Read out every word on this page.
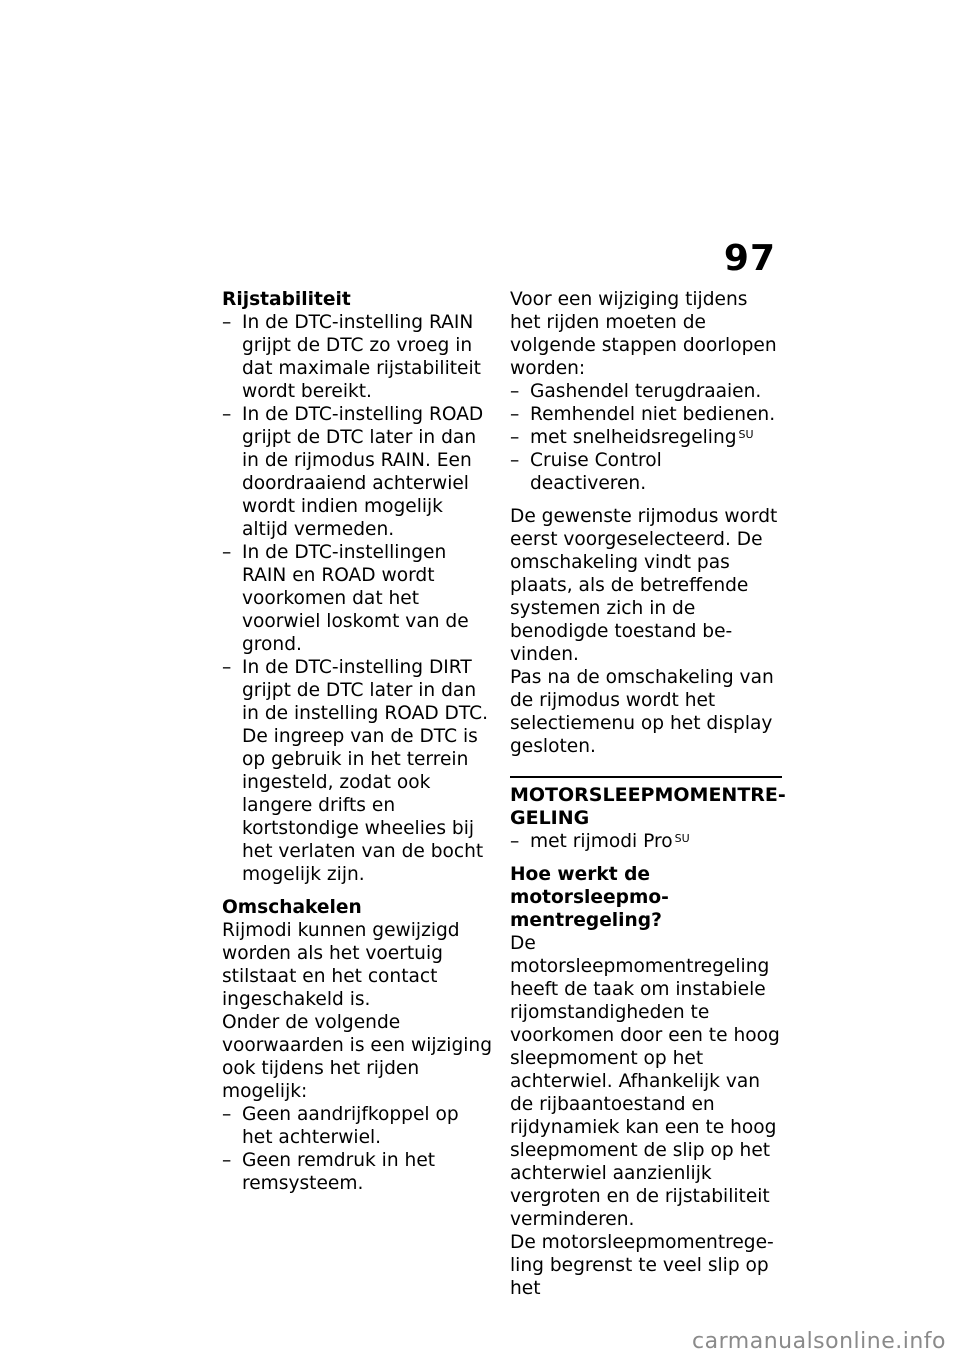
97

Rijstabiliteit

– In de DTC-instelling RAIN grijpt de DTC zo vroeg in dat maximale rijstabiliteit wordt bereikt.
– In de DTC-instelling ROAD grijpt de DTC later in dan in de rijmodus RAIN. Een doordraaiend achterwiel wordt indien mogelijk altijd vermeden.
– In de DTC-instellingen RAIN en ROAD wordt voorkomen dat het voorwiel loskomt van de grond.
– In de DTC-instelling DIRT grijpt de DTC later in dan in de instelling ROAD DTC. De ingreep van de DTC is op gebruik in het terrein ingesteld, zodat ook langere drifts en kortstondige wheelies bij het verlaten van de bocht mogelijk zijn.

Omschakelen

Rijmodi kunnen gewijzigd worden als het voertuig stilstaat en het contact ingeschakeld is.

Onder de volgende voorwaarden is een wijziging ook tijdens het rijden mogelijk:

– Geen aandrijfkoppel op het achterwiel.
– Geen remdruk in het remsysteem.

Voor een wijziging tijdens het rijden moeten de volgende stappen doorlopen worden:

– Gashendel terugdraaien.
– Remhendel niet bedienen.
– met snelheidsregeling $^{SU}$
– Cruise Control deactiveren.

De gewenste rijmodus wordt eerst voorgeselecteerd. De omschakeling vindt pas plaats, als de betreffende systemen zich in de benodigde toestand bevinden.

Pas na de omschakeling van de rijmodus wordt het selectiemenu op het display gesloten.

MOTORSLEEPMOMENTREGELING

– met rijmodi Pro $^{SU}$

Hoe werkt de motorsleepmomentregeling?

De motorsleepmomentregeling heeft de taak om instabiele rijomstandigheden te voorkomen door een te hoog sleepmoment op het achterwiel. Afhankelijk van de rijbaantoestand en rijdynamiek kan een te hoog sleepmoment de slip op het achterwiel aanzienlijk vergroten en de rijstabiliteit verminderen.

De motorsleepmomentregeling begrenst te veel slip op het

carmanualsonline.info
